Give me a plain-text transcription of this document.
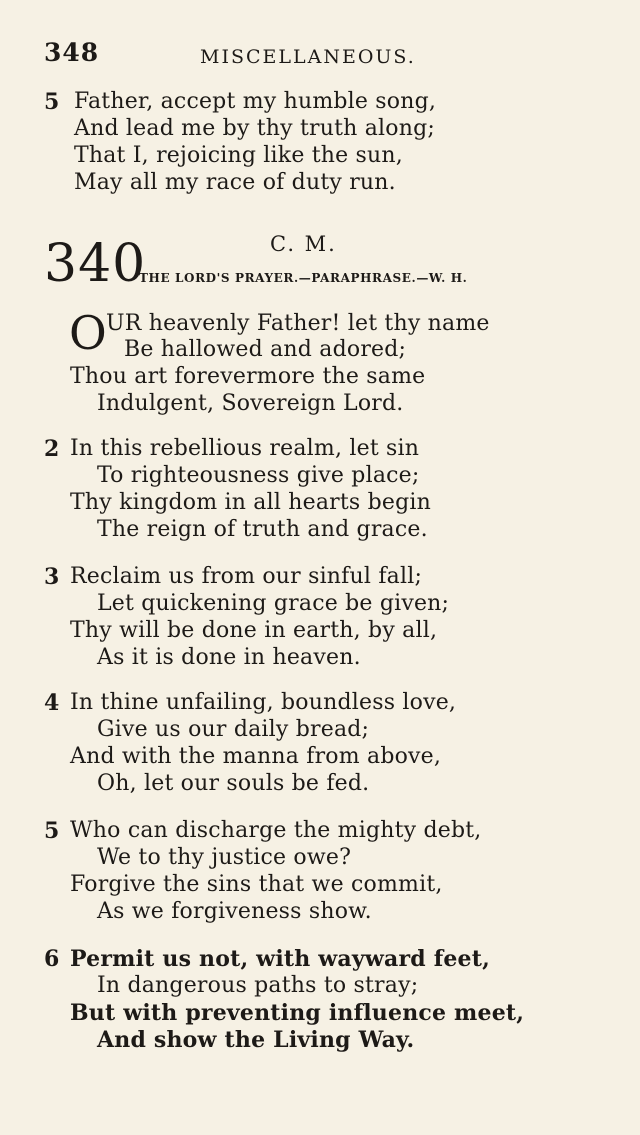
348	MISCELLANEOUS.
5 Father, accept my humble song,
And lead me by thy truth along;
That I, rejoicing like the sun,
May all my race of duty run.
340	C. M.
THE LORD'S PRAYER.—PARAPHRASE.—W. H.
O UR heavenly Father! let thy name
Be hallowed and adored;
Thou art forevermore the same
Indulgent, Sovereign Lord.
2 In this rebellious realm, let sin
To righteousness give place;
Thy kingdom in all hearts begin
The reign of truth and grace.
3 Reclaim us from our sinful fall;
Let quickening grace be given;
Thy will be done in earth, by all,
As it is done in heaven.
4 In thine unfailing, boundless love,
Give us our daily bread;
And with the manna from above,
Oh, let our souls be fed.
5 Who can discharge the mighty debt,
We to thy justice owe?
Forgive the sins that we commit,
As we forgiveness show.
6 Permit us not, with wayward feet,
In dangerous paths to stray;
But with preventing influence meet,
And show the Living Way.
